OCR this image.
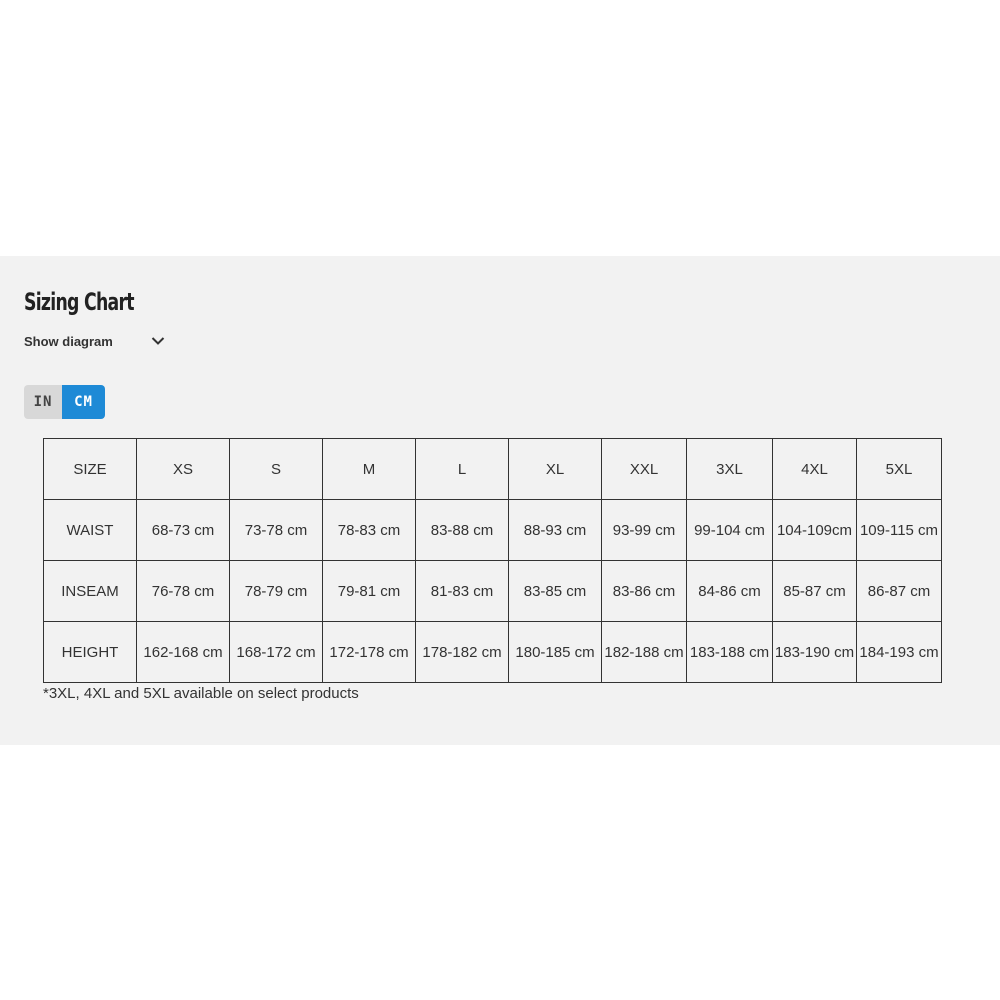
Sizing Chart
Show diagram
IN	CM
SIZE	XS	S	M	L	XL	XXL	3XL	4XL	5XL
WAIST	68-73 cm	73-78 cm	78-83 cm	83-88 cm	88-93 cm	93-99 cm	99-104 cm	104-109cm	109-115 cm
INSEAM	76-78 cm	78-79 cm	79-81 cm	81-83 cm	83-85 cm	83-86 cm	84-86 cm	85-87 cm	86-87 cm
HEIGHT	162-168 cm	168-172 cm	172-178 cm	178-182 cm	180-185 cm	182-188 cm	183-188 cm	183-190 cm	184-193 cm
*3XL, 4XL and 5XL available on select products
